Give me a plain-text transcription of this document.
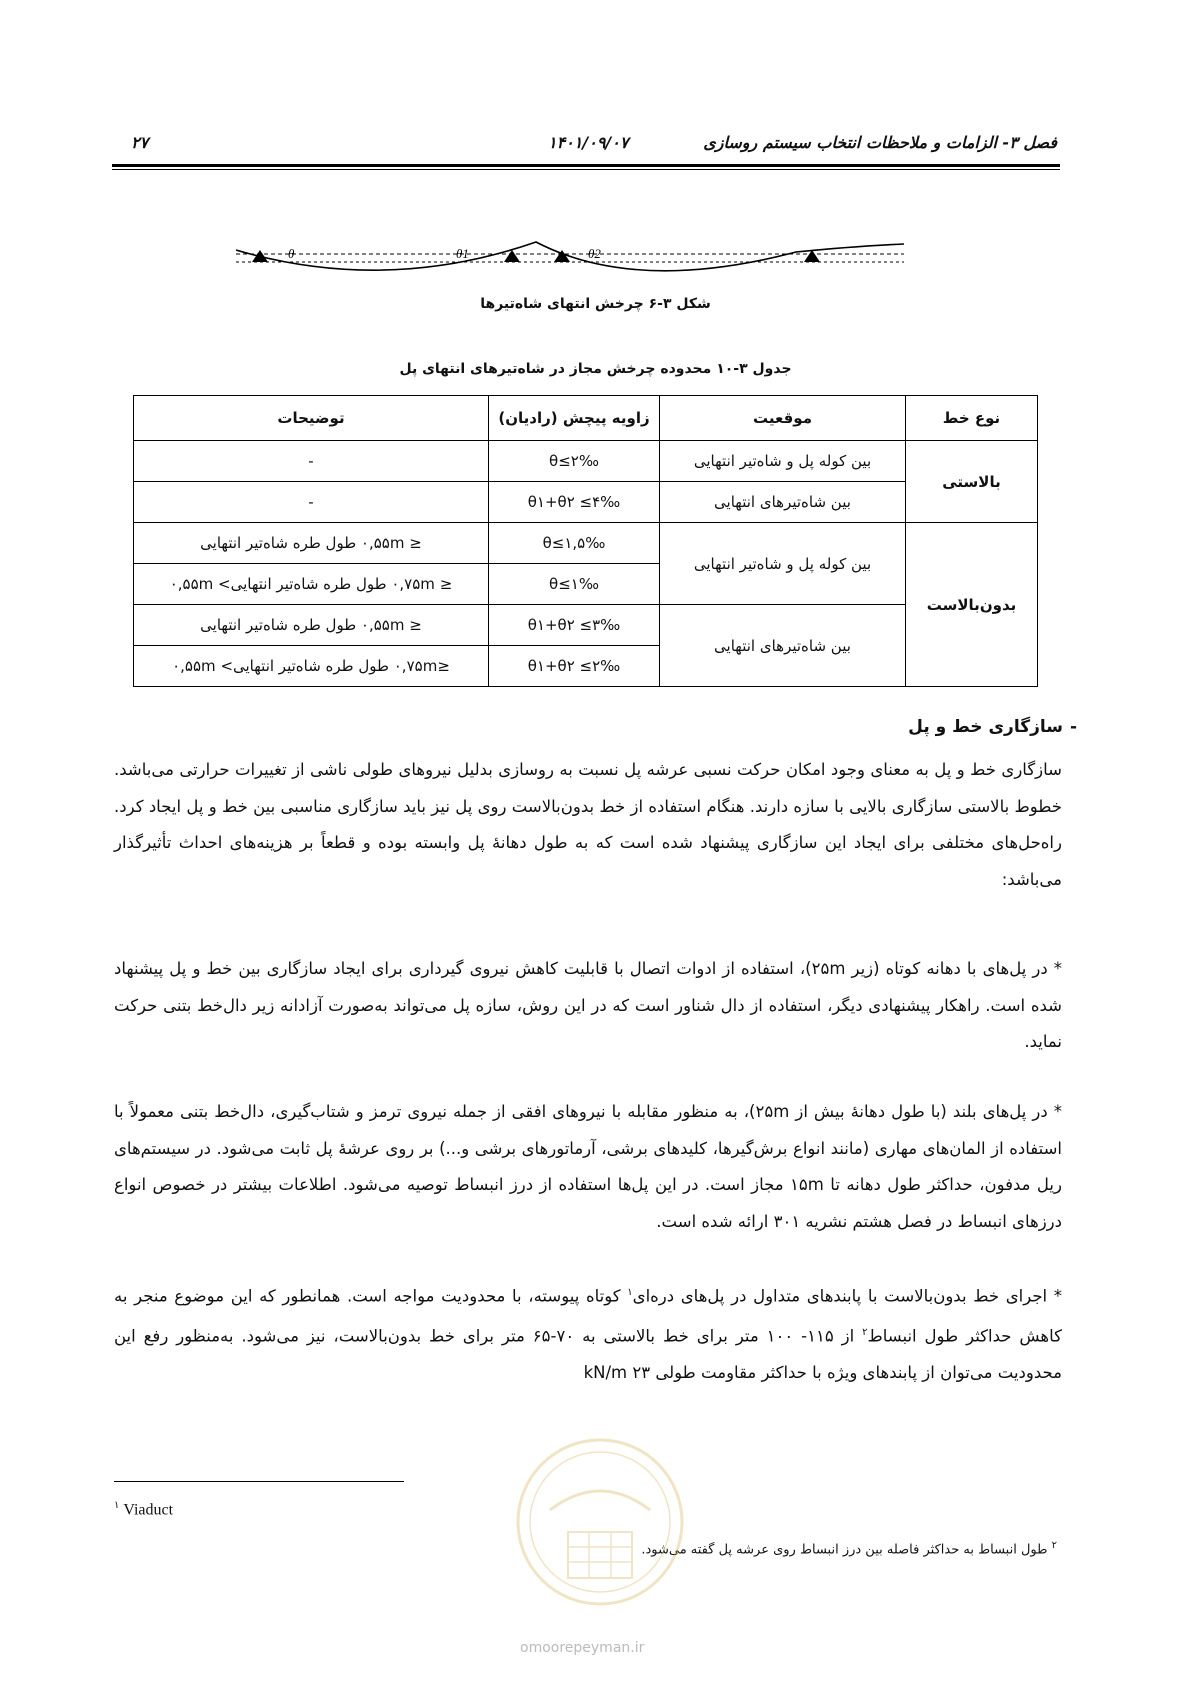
فصل ۳- الزامات و ملاحظات انتخاب سیستم روسازی
۱۴۰۱/۰۹/۰۷
۲۷
θ	θ1	θ2
شکل ۳-۶ چرخش انتهای شاه‌تیرها
جدول ۳-۱۰ محدوده چرخش مجاز در شاه‌تیرهای انتهای پل
نوع خط	موقعیت	زاویه پیچش (رادیان)	توضیحات
بالاستی	بین کوله پل و شاه‌تیر انتهایی	θ≤۲‰	-
	بین شاه‌تیرهای انتهایی	θ۱+θ۲ ≤۴‰	-
بدون‌بالاست	بین کوله پل و شاه‌تیر انتهایی	θ≤۱,۵‰	≤ ۰,۵۵m طول طره شاه‌تیر انتهایی
		θ≤۱‰	≤ ۰,۷۵m طول طره شاه‌تیر انتهایی> ۰,۵۵m
	بین شاه‌تیرهای انتهایی	θ۱+θ۲ ≤۳‰	≤ ۰,۵۵m طول طره شاه‌تیر انتهایی
		θ۱+θ۲ ≤۲‰	≤۰,۷۵m طول طره شاه‌تیر انتهایی> ۰,۵۵m
-
سازگاری خط و پل

سازگاری خط و پل به معنای وجود امکان حرکت نسبی عرشه پل نسبت به روسازی بدلیل نیروهای طولی ناشی از تغییرات حرارتی می‌باشد. خطوط بالاستی سازگاری بالایی با سازه دارند. هنگام استفاده از خط بدون‌بالاست روی پل نیز باید سازگاری مناسبی بین خط و پل ایجاد کرد. راه‌حل‌های مختلفی برای ایجاد این سازگاری پیشنهاد شده است که به طول دهانهٔ پل وابسته بوده و قطعاً بر هزینه‌های احداث تأثیرگذار می‌باشد:

* در پل‌های با دهانه کوتاه (زیر ۲۵m)، استفاده از ادوات اتصال با قابلیت کاهش نیروی گیرداری برای ایجاد سازگاری بین خط و پل پیشنهاد شده است. راهکار پیشنهادی دیگر، استفاده از دال شناور است که در این روش، سازه پل می‌تواند به‌صورت آزادانه زیر دال‌خط بتنی حرکت نماید.

* در پل‌های بلند (با طول دهانهٔ بیش از ۲۵m)، به منظور مقابله با نیروهای افقی از جمله نیروی ترمز و شتاب‌گیری، دال‌خط بتنی معمولاً با استفاده از المان‌های مهاری (مانند انواع برش‌گیرها، کلیدهای برشی، آرماتورهای برشی و...) بر روی عرشهٔ پل ثابت می‌شود. در سیستم‌های ریل مدفون، حداکثر طول دهانه تا ۱۵m مجاز است. در این پل‌ها استفاده از درز انبساط توصیه می‌شود. اطلاعات بیشتر در خصوص انواع درزهای انبساط در فصل هشتم نشریه ۳۰۱ ارائه شده است.

* اجرای خط بدون‌بالاست با پابندهای متداول در پل‌های دره‌ای$^۱$ کوتاه پیوسته، با محدودیت مواجه است. همانطور که این موضوع منجر به کاهش حداکثر طول انبساط$^۲$ از ۱۱۵- ۱۰۰ متر برای خط بالاستی به ۷۰-۶۵ متر برای خط بدون‌بالاست، نیز می‌شود. به‌منظور رفع این محدودیت می‌توان از پابندهای ویژه با حداکثر مقاومت طولی ۲۳ kN/m

$^۱$ Viaduct
$^۲$ طول انبساط به حداکثر فاصله بین درز انبساط روی عرشه پل گفته می‌شود.
omoorepeyman.ir
